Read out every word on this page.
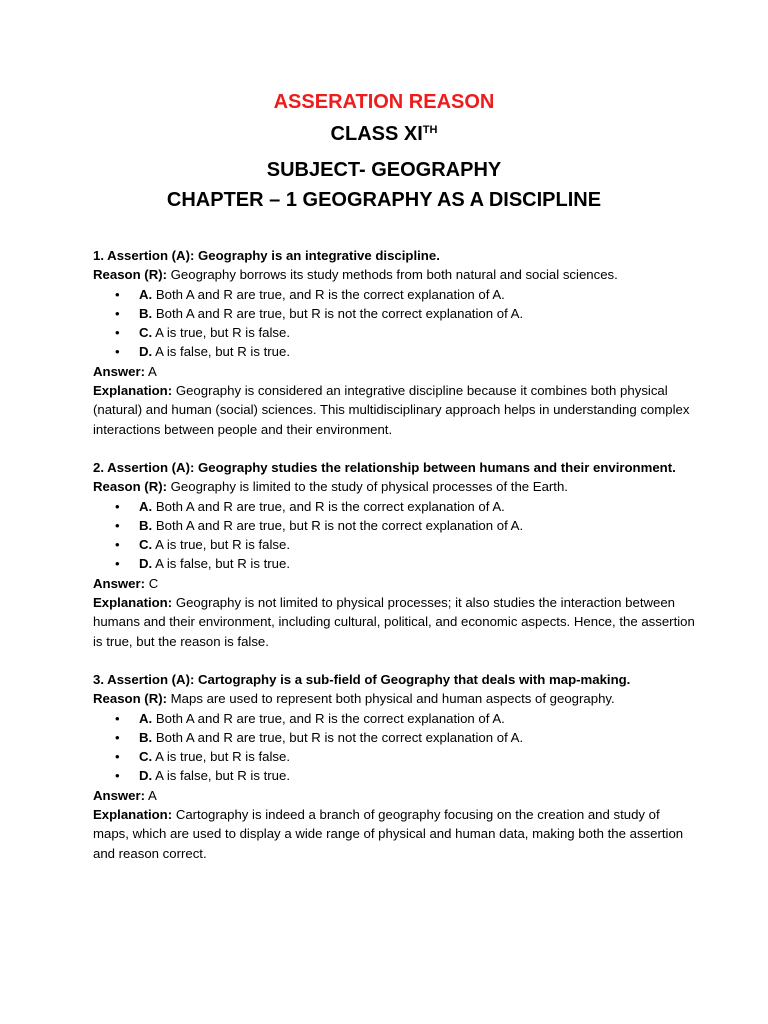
ASSERATION REASON
CLASS XITH
SUBJECT- GEOGRAPHY
CHAPTER – 1 GEOGRAPHY AS A DISCIPLINE
1. Assertion (A): Geography is an integrative discipline.
Reason (R): Geography borrows its study methods from both natural and social sciences.
• A. Both A and R are true, and R is the correct explanation of A.
• B. Both A and R are true, but R is not the correct explanation of A.
• C. A is true, but R is false.
• D. A is false, but R is true.
Answer: A
Explanation: Geography is considered an integrative discipline because it combines both physical (natural) and human (social) sciences. This multidisciplinary approach helps in understanding complex interactions between people and their environment.
2. Assertion (A): Geography studies the relationship between humans and their environment.
Reason (R): Geography is limited to the study of physical processes of the Earth.
• A. Both A and R are true, and R is the correct explanation of A.
• B. Both A and R are true, but R is not the correct explanation of A.
• C. A is true, but R is false.
• D. A is false, but R is true.
Answer: C
Explanation: Geography is not limited to physical processes; it also studies the interaction between humans and their environment, including cultural, political, and economic aspects. Hence, the assertion is true, but the reason is false.
3. Assertion (A): Cartography is a sub-field of Geography that deals with map-making.
Reason (R): Maps are used to represent both physical and human aspects of geography.
• A. Both A and R are true, and R is the correct explanation of A.
• B. Both A and R are true, but R is not the correct explanation of A.
• C. A is true, but R is false.
• D. A is false, but R is true.
Answer: A
Explanation: Cartography is indeed a branch of geography focusing on the creation and study of maps, which are used to display a wide range of physical and human data, making both the assertion and reason correct.
